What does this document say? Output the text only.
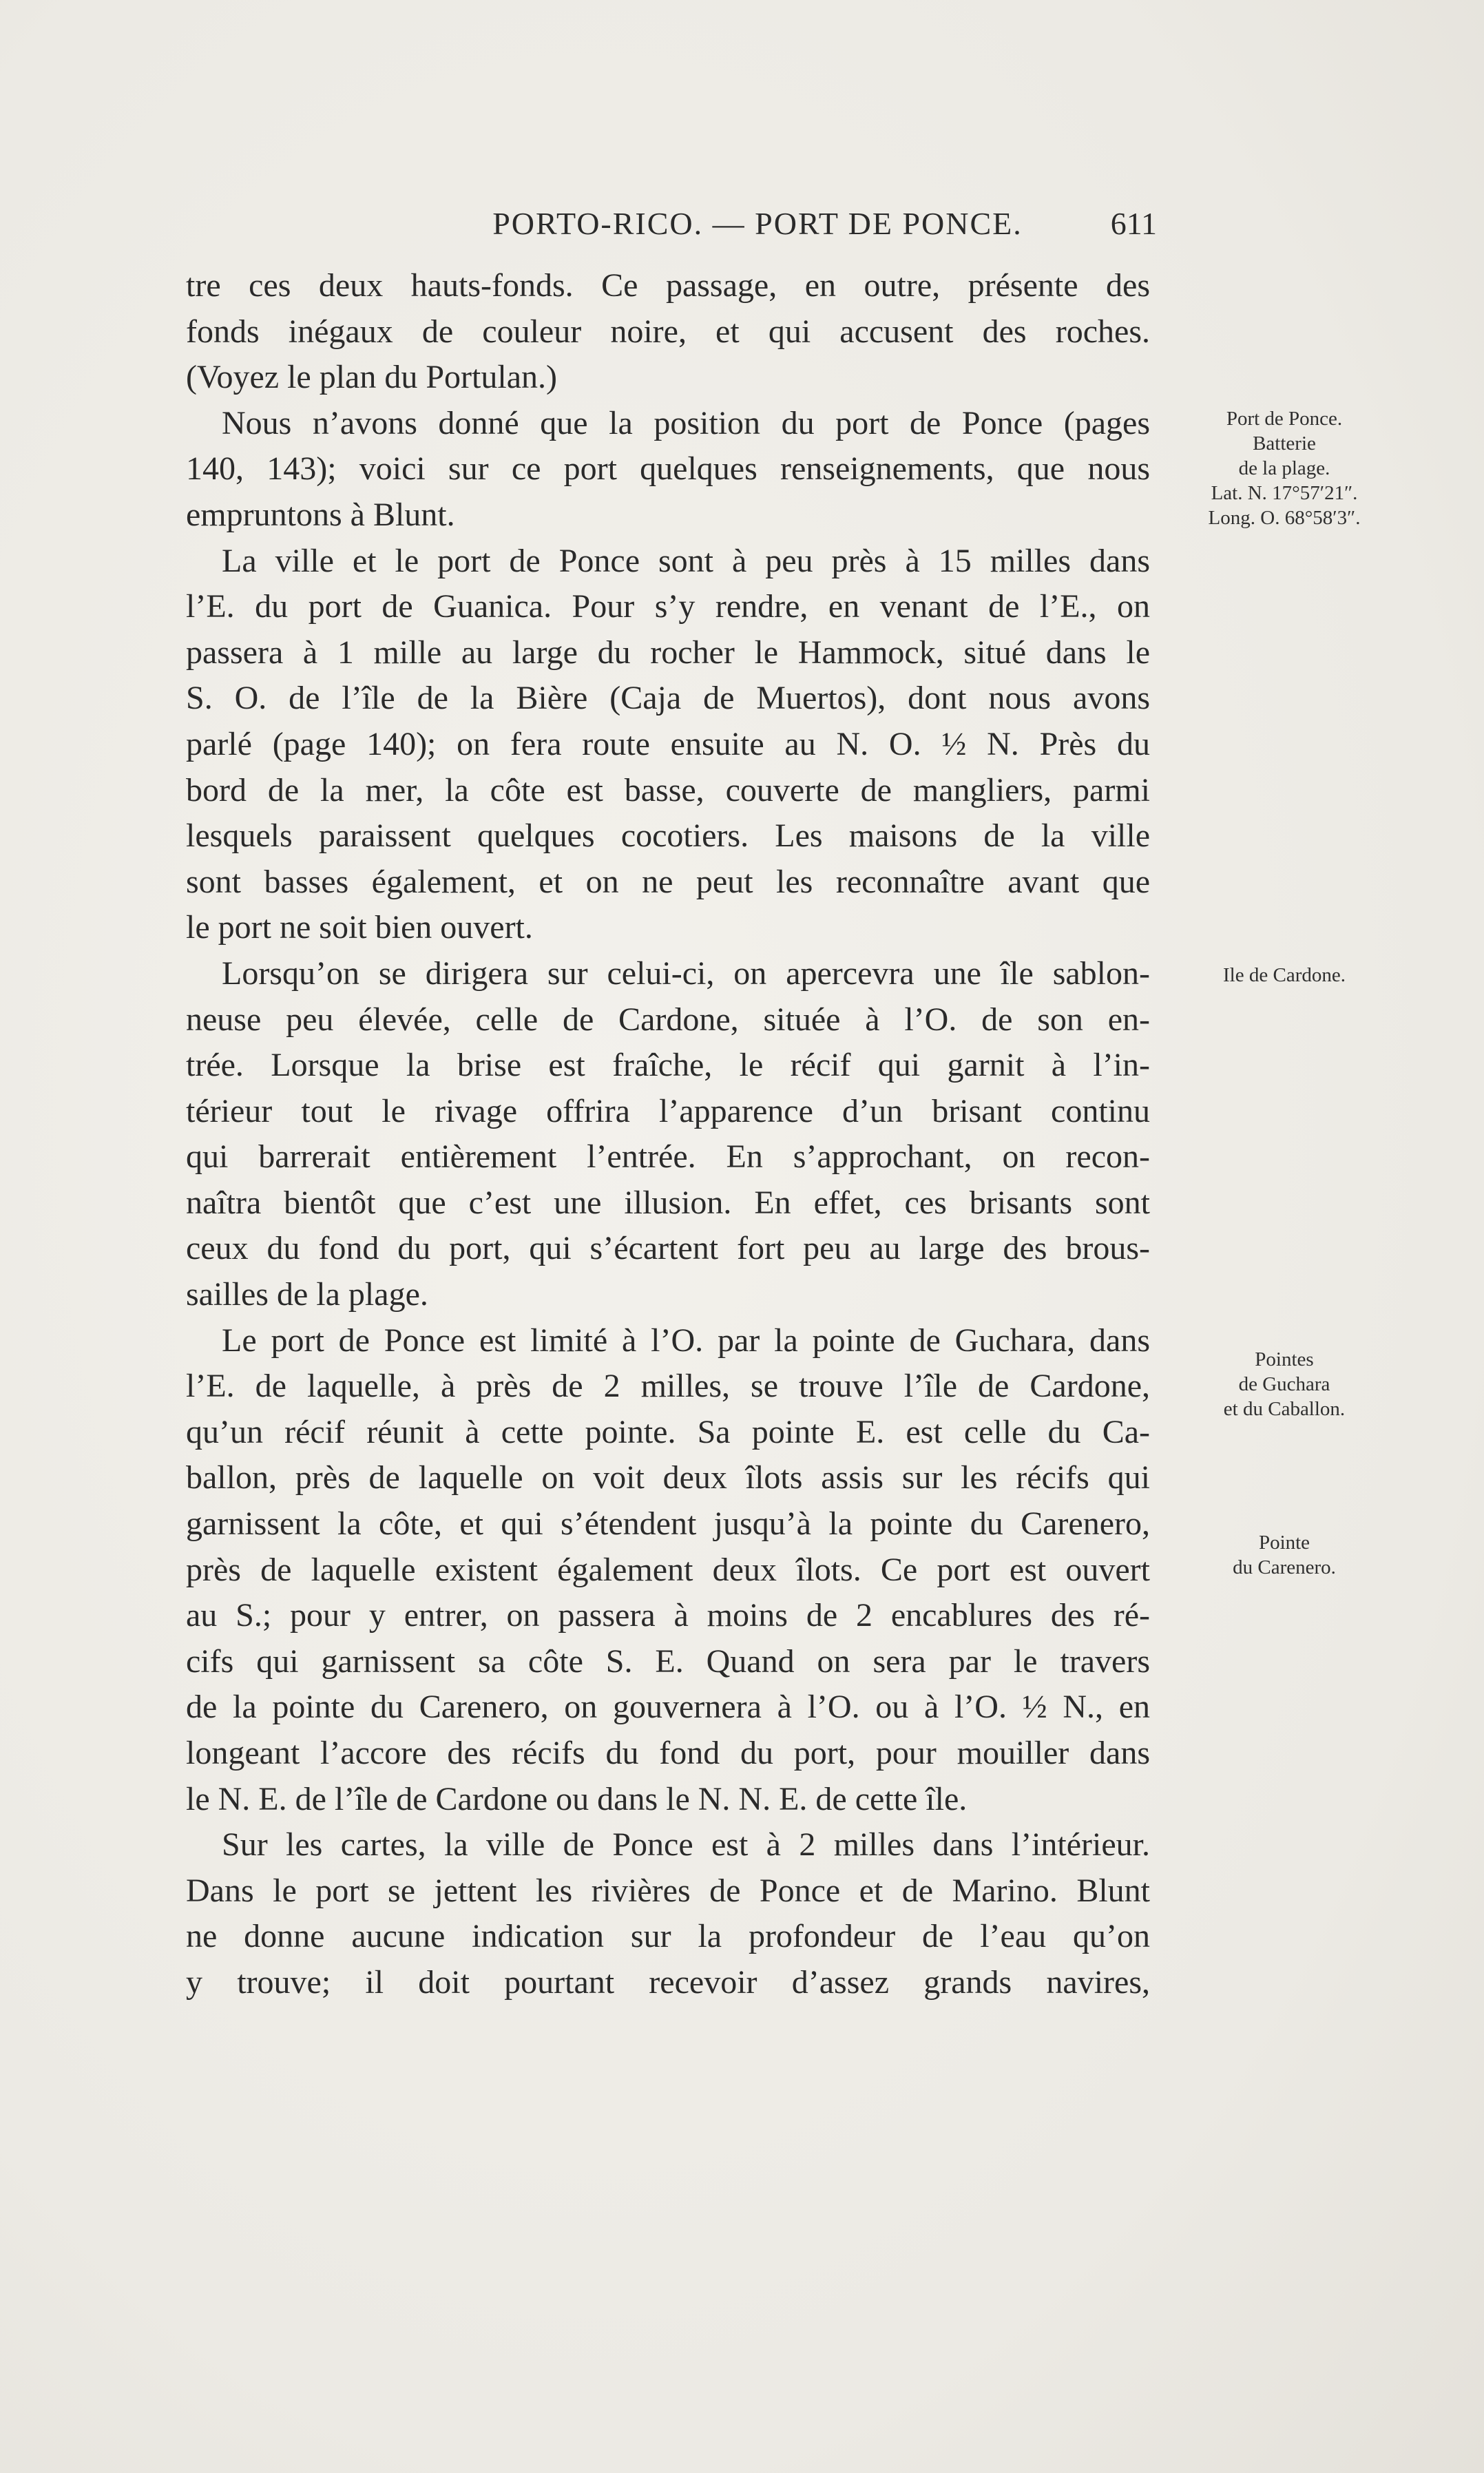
PORTO-RICO. — PORT DE PONCE.	611
tre ces deux hauts-fonds. Ce passage, en outre, présente des
fonds inégaux de couleur noire, et qui accusent des roches.
(Voyez le plan du Portulan.)
Nous n’avons donné que la position du port de Ponce (pages
140, 143); voici sur ce port quelques renseignements, que nous
empruntons à Blunt.
La ville et le port de Ponce sont à peu près à 15 milles dans
l’E. du port de Guanica. Pour s’y rendre, en venant de l’E., on
passera à 1 mille au large du rocher le Hammock, situé dans le
S. O. de l’île de la Bière (Caja de Muertos), dont nous avons
parlé (page 140); on fera route ensuite au N. O. ½ N. Près du
bord de la mer, la côte est basse, couverte de mangliers, parmi
lesquels paraissent quelques cocotiers. Les maisons de la ville
sont basses également, et on ne peut les reconnaître avant que
le port ne soit bien ouvert.
Lorsqu’on se dirigera sur celui-ci, on apercevra une île sablon-
neuse peu élevée, celle de Cardone, située à l’O. de son en-
trée. Lorsque la brise est fraîche, le récif qui garnit à l’in-
térieur tout le rivage offrira l’apparence d’un brisant continu
qui barrerait entièrement l’entrée. En s’approchant, on recon-
naîtra bientôt que c’est une illusion. En effet, ces brisants sont
ceux du fond du port, qui s’écartent fort peu au large des brous-
sailles de la plage.
Le port de Ponce est limité à l’O. par la pointe de Guchara, dans
l’E. de laquelle, à près de 2 milles, se trouve l’île de Cardone,
qu’un récif réunit à cette pointe. Sa pointe E. est celle du Ca-
ballon, près de laquelle on voit deux îlots assis sur les récifs qui
garnissent la côte, et qui s’étendent jusqu’à la pointe du Carenero,
près de laquelle existent également deux îlots. Ce port est ouvert
au S.; pour y entrer, on passera à moins de 2 encablures des ré-
cifs qui garnissent sa côte S. E. Quand on sera par le travers
de la pointe du Carenero, on gouvernera à l’O. ou à l’O. ½ N., en
longeant l’accore des récifs du fond du port, pour mouiller dans
le N. E. de l’île de Cardone ou dans le N. N. E. de cette île.
Sur les cartes, la ville de Ponce est à 2 milles dans l’intérieur.
Dans le port se jettent les rivières de Ponce et de Marino. Blunt
ne donne aucune indication sur la profondeur de l’eau qu’on
y trouve; il doit pourtant recevoir d’assez grands navires,
Port de Ponce.
Batterie
de la plage.
Lat. N. 17°57′21″.
Long. O. 68°58′3″.
Ile de Cardone.
Pointes
de Guchara
et du Caballon.
Pointe
du Carenero.
